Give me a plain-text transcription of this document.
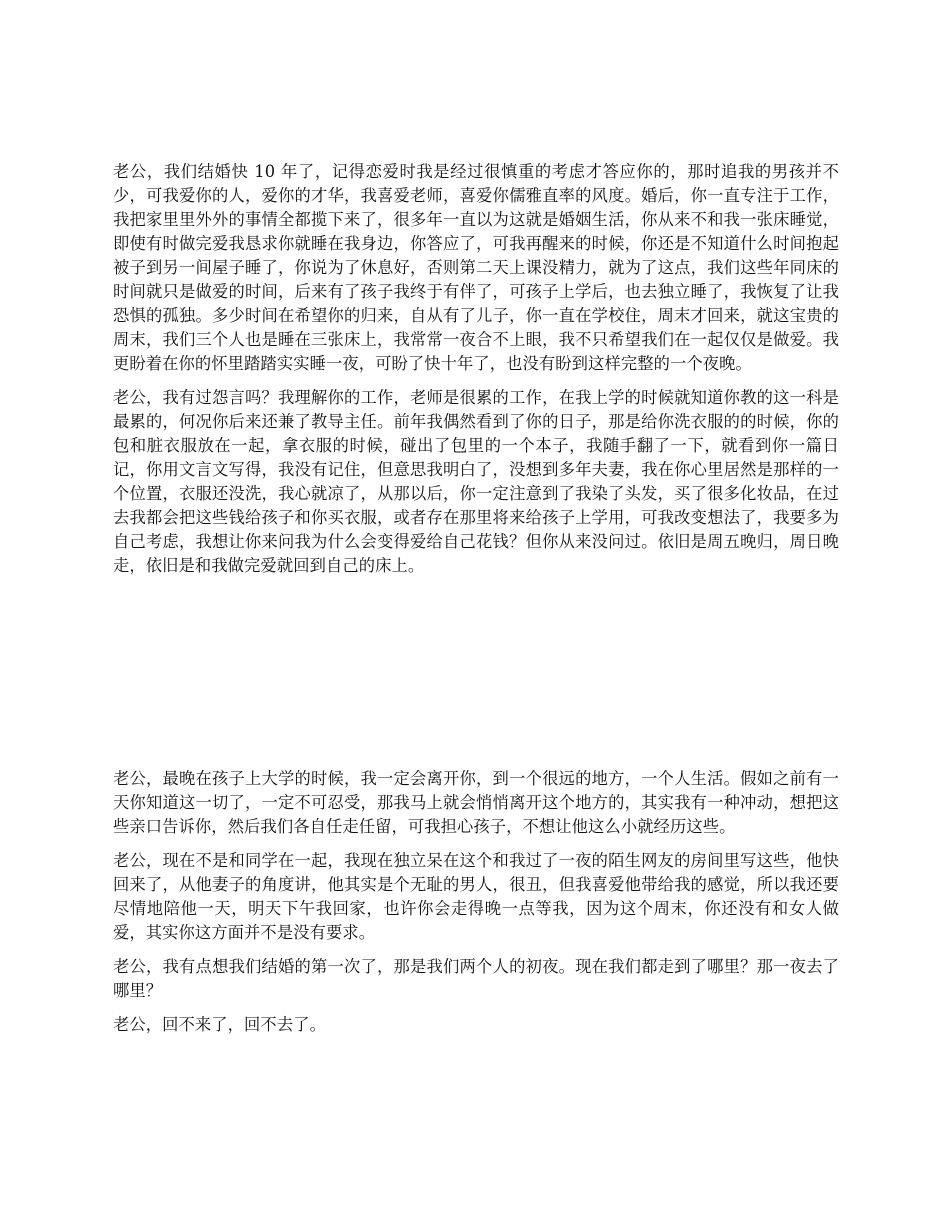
老公，我们结婚快 10 年了，记得恋爱时我是经过很慎重的考虑才答应你的，那时追我的男孩并不少，可我爱你的人，爱你的才华，我喜爱老师，喜爱你儒雅直率的风度。婚后，你一直专注于工作，我把家里里外外的事情全都揽下来了，很多年一直以为这就是婚姻生活，你从来不和我一张床睡觉，即使有时做完爱我恳求你就睡在我身边，你答应了，可我再醒来的时候，你还是不知道什么时间抱起被子到另一间屋子睡了，你说为了休息好，否则第二天上课没精力，就为了这点，我们这些年同床的时间就只是做爱的时间，后来有了孩子我终于有伴了，可孩子上学后，也去独立睡了，我恢复了让我恐惧的孤独。多少时间在希望你的归来，自从有了儿子，你一直在学校住，周末才回来，就这宝贵的周末，我们三个人也是睡在三张床上，我常常一夜合不上眼，我不只希望我们在一起仅仅是做爱。我更盼着在你的怀里踏踏实实睡一夜，可盼了快十年了，也没有盼到这样完整的一个夜晚。

老公，我有过怨言吗？我理解你的工作，老师是很累的工作，在我上学的时候就知道你教的这一科是最累的，何况你后来还兼了教导主任。前年我偶然看到了你的日子，那是给你洗衣服的的时候，你的包和脏衣服放在一起，拿衣服的时候，碰出了包里的一个本子，我随手翻了一下，就看到你一篇日记，你用文言文写得，我没有记住，但意思我明白了，没想到多年夫妻，我在你心里居然是那样的一个位置，衣服还没洗，我心就凉了，从那以后，你一定注意到了我染了头发，买了很多化妆品，在过去我都会把这些钱给孩子和你买衣服，或者存在那里将来给孩子上学用，可我改变想法了，我要多为自己考虑，我想让你来问我为什么会变得爱给自己花钱？但你从来没问过。依旧是周五晚归，周日晚走，依旧是和我做完爱就回到自己的床上。

老公，最晚在孩子上大学的时候，我一定会离开你，到一个很远的地方，一个人生活。假如之前有一天你知道这一切了，一定不可忍受，那我马上就会悄悄离开这个地方的，其实我有一种冲动，想把这些亲口告诉你，然后我们各自任走任留，可我担心孩子，不想让他这么小就经历这些。

老公，现在不是和同学在一起，我现在独立呆在这个和我过了一夜的陌生网友的房间里写这些，他快回来了，从他妻子的角度讲，他其实是个无耻的男人，很丑，但我喜爱他带给我的感觉，所以我还要尽情地陪他一天，明天下午我回家，也许你会走得晚一点等我，因为这个周末，你还没有和女人做爱，其实你这方面并不是没有要求。

老公，我有点想我们结婚的第一次了，那是我们两个人的初夜。现在我们都走到了哪里？那一夜去了哪里？

老公，回不来了，回不去了。
